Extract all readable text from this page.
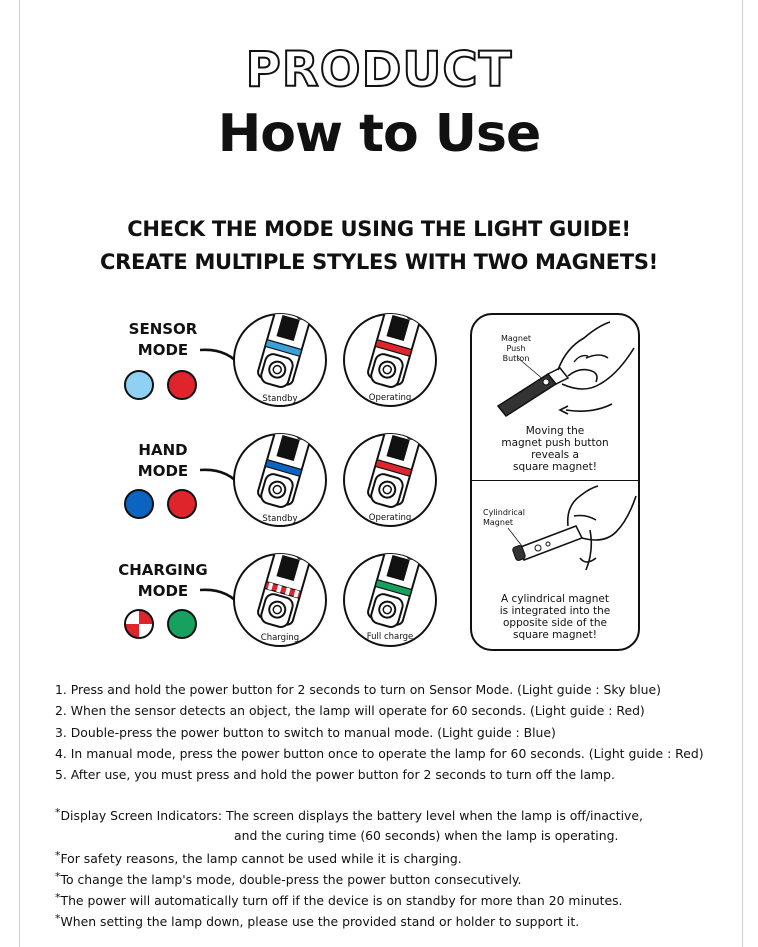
PRODUCT
How to Use
CHECK THE MODE USING THE LIGHT GUIDE!
CREATE MULTIPLE STYLES WITH TWO MAGNETS!
SENSOR
MODE
HAND
MODE
CHARGING
MODE
Standby	Operating
Standby	Operating
Charging	Full charge
Magnet
Push Button
Moving the
magnet push button
reveals a
square magnet!
Cylindrical
Magnet
A cylindrical magnet
is integrated into the
opposite side of the
square magnet!
1. Press and hold the power button for 2 seconds to turn on Sensor Mode. (Light guide : Sky blue)
2. When the sensor detects an object, the lamp will operate for 60 seconds. (Light guide : Red)
3. Double-press the power button to switch to manual mode. (Light guide : Blue)
4. In manual mode, press the power button once to operate the lamp for 60 seconds. (Light guide : Red)
5. After use, you must press and hold the power button for 2 seconds to turn off the lamp.
*Display Screen Indicators: The screen displays the battery level when the lamp is off/inactive,
and the curing time (60 seconds) when the lamp is operating.
*For safety reasons, the lamp cannot be used while it is charging.
*To change the lamp's mode, double-press the power button consecutively.
*The power will automatically turn off if the device is on standby for more than 20 minutes.
*When setting the lamp down, please use the provided stand or holder to support it.
